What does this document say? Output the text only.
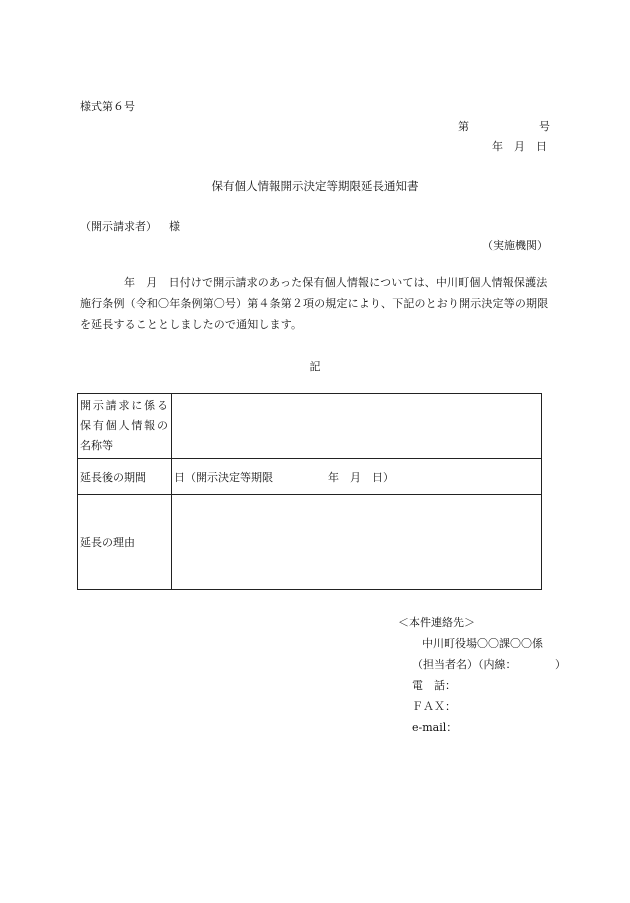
様式第６号
第	号
年　月　日
保有個人情報開示決定等期限延長通知書
（開示請求者） 様
（実施機関）
年　月　日付けで開示請求のあった保有個人情報については、中川町個人情報保護法施行条例（令和〇年条例第〇号）第４条第２項の規定により、下記のとおり開示決定等の期限を延長することとしましたので通知します。
記
開示請求に係る
保有個人情報の
名称等	

延長後の期間	日（開示決定等期限　　　　　年　月　日）
延長の理由	
＜本件連絡先＞
中川町役場〇〇課〇〇係
（担当者名）（内線：　　　　）
電　話：
ＦＡＸ：
e-mail：
